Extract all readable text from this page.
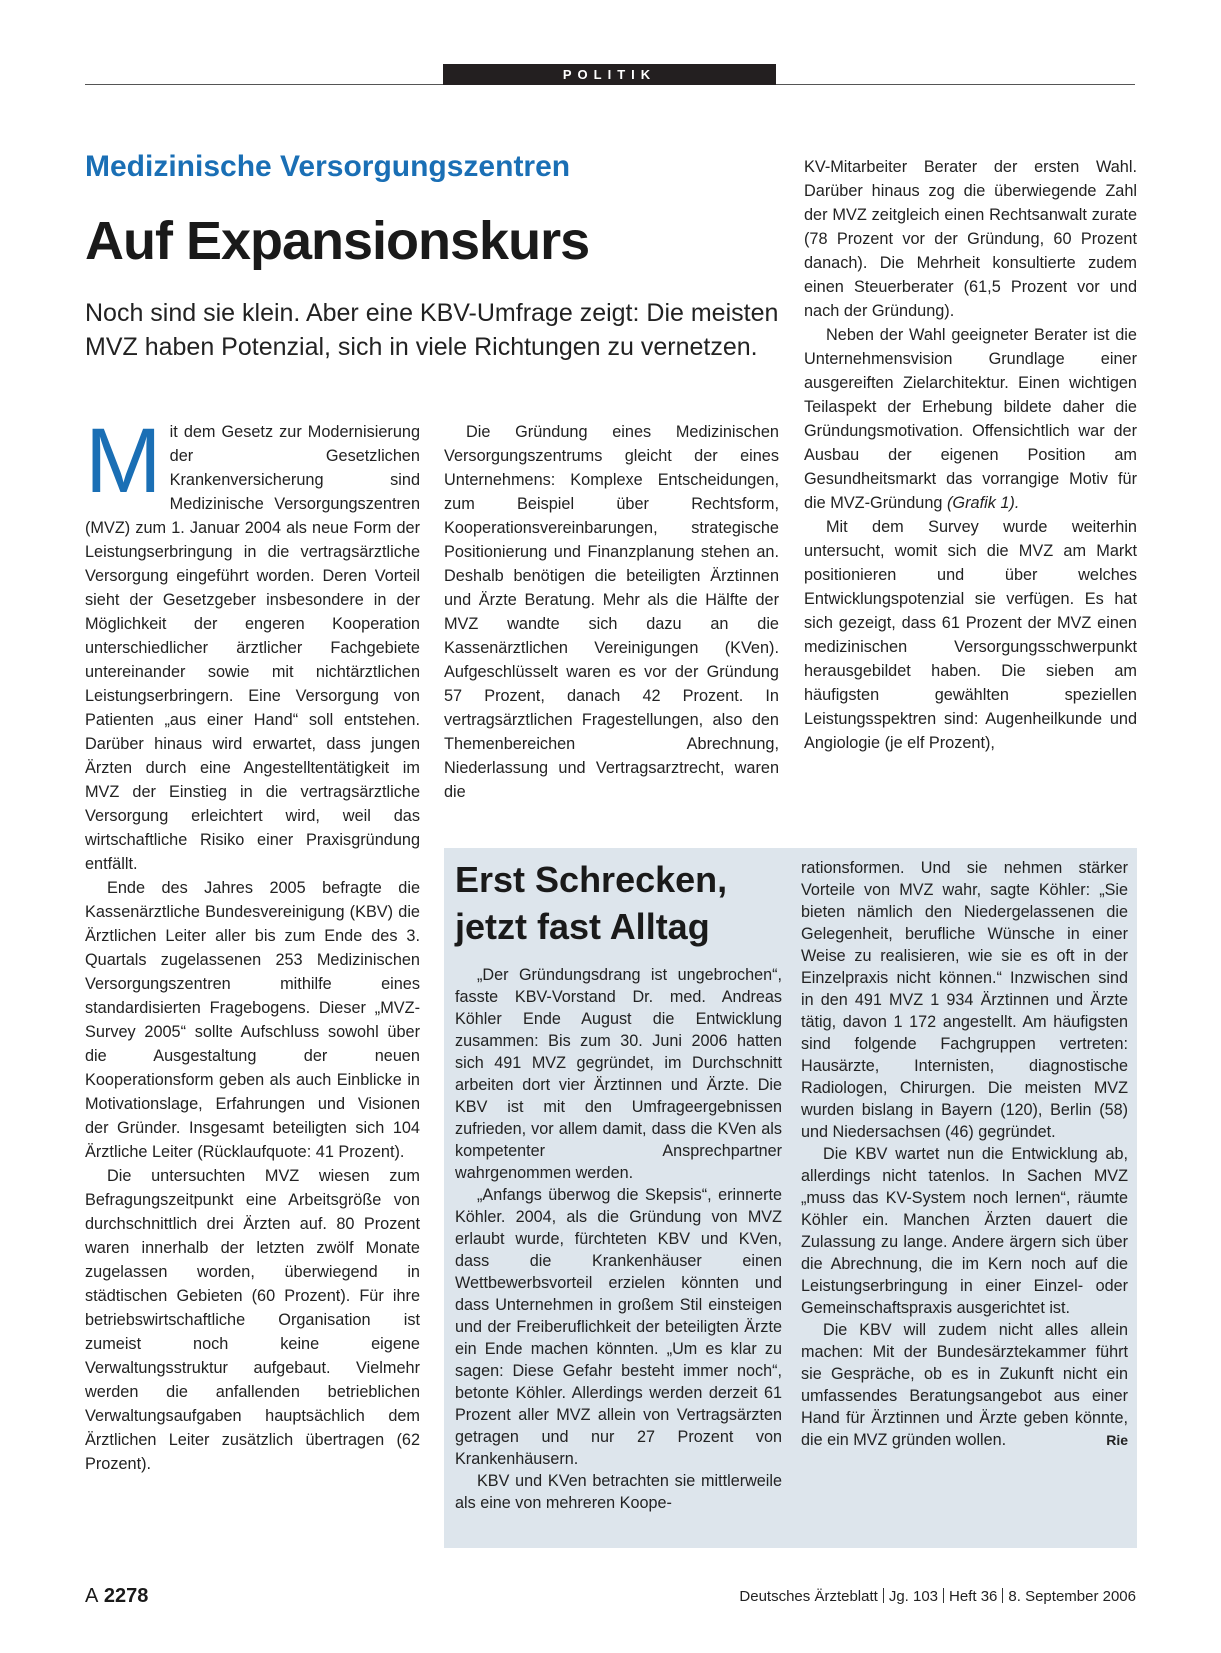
POLITIK
Medizinische Versorgungszentren
Auf Expansionskurs
Noch sind sie klein. Aber eine KBV-Umfrage zeigt: Die meisten MVZ haben Potenzial, sich in viele Richtungen zu vernetzen.

Mit dem Gesetz zur Modernisierung der Gesetzlichen Krankenversicherung sind Medizinische Versorgungszentren (MVZ) zum 1. Januar 2004 als neue Form der Leistungserbringung in die vertragsärztliche Versorgung eingeführt worden. Deren Vorteil sieht der Gesetzgeber insbesondere in der Möglichkeit der engeren Kooperation unterschiedlicher ärztlicher Fachgebiete untereinander sowie mit nichtärztlichen Leistungserbringern. Eine Versorgung von Patienten „aus einer Hand“ soll entstehen. Darüber hinaus wird erwartet, dass jungen Ärzten durch eine Angestelltentätigkeit im MVZ der Einstieg in die vertragsärztliche Versorgung erleichtert wird, weil das wirtschaftliche Risiko einer Praxisgründung entfällt.

Ende des Jahres 2005 befragte die Kassenärztliche Bundesvereinigung (KBV) die Ärztlichen Leiter aller bis zum Ende des 3. Quartals zugelassenen 253 Medizinischen Versorgungszentren mithilfe eines standardisierten Fragebogens. Dieser „MVZ-Survey 2005“ sollte Aufschluss sowohl über die Ausgestaltung der neuen Kooperationsform geben als auch Einblicke in Motivationslage, Erfahrungen und Visionen der Gründer. Insgesamt beteiligten sich 104 Ärztliche Leiter (Rücklaufquote: 41 Prozent).

Die untersuchten MVZ wiesen zum Befragungszeitpunkt eine Arbeitsgröße von durchschnittlich drei Ärzten auf. 80 Prozent waren innerhalb der letzten zwölf Monate zugelassen worden, überwiegend in städtischen Gebieten (60 Prozent). Für ihre betriebswirtschaftliche Organisation ist zumeist noch keine eigene Verwaltungsstruktur aufgebaut. Vielmehr werden die anfallenden betrieblichen Verwaltungsaufgaben hauptsächlich dem Ärztlichen Leiter zusätzlich übertragen (62 Prozent).

Die Gründung eines Medizinischen Versorgungszentrums gleicht der eines Unternehmens: Komplexe Entscheidungen, zum Beispiel über Rechtsform, Kooperationsvereinbarungen, strategische Positionierung und Finanzplanung stehen an. Deshalb benötigen die beteiligten Ärztinnen und Ärzte Beratung. Mehr als die Hälfte der MVZ wandte sich dazu an die Kassenärztlichen Vereinigungen (KVen). Aufgeschlüsselt waren es vor der Gründung 57 Prozent, danach 42 Prozent. In vertragsärztlichen Fragestellungen, also den Themenbereichen Abrechnung, Niederlassung und Vertragsarztrecht, waren die

KV-Mitarbeiter Berater der ersten Wahl. Darüber hinaus zog die überwiegende Zahl der MVZ zeitgleich einen Rechtsanwalt zurate (78 Prozent vor der Gründung, 60 Prozent danach). Die Mehrheit konsultierte zudem einen Steuerberater (61,5 Prozent vor und nach der Gründung).

Neben der Wahl geeigneter Berater ist die Unternehmensvision Grundlage einer ausgereiften Zielarchitektur. Einen wichtigen Teilaspekt der Erhebung bildete daher die Gründungsmotivation. Offensichtlich war der Ausbau der eigenen Position am Gesundheitsmarkt das vorrangige Motiv für die MVZ-Gründung (Grafik 1).

Mit dem Survey wurde weiterhin untersucht, womit sich die MVZ am Markt positionieren und über welches Entwicklungspotenzial sie verfügen. Es hat sich gezeigt, dass 61 Prozent der MVZ einen medizinischen Versorgungsschwerpunkt herausgebildet haben. Die sieben am häufigsten gewählten speziellen Leistungsspektren sind: Augenheilkunde und Angiologie (je elf Prozent),

Erst Schrecken, jetzt fast Alltag

„Der Gründungsdrang ist ungebrochen“, fasste KBV-Vorstand Dr. med. Andreas Köhler Ende August die Entwicklung zusammen: Bis zum 30. Juni 2006 hatten sich 491 MVZ gegründet, im Durchschnitt arbeiten dort vier Ärztinnen und Ärzte. Die KBV ist mit den Umfrageergebnissen zufrieden, vor allem damit, dass die KVen als kompetenter Ansprechpartner wahrgenommen werden.

„Anfangs überwog die Skepsis“, erinnerte Köhler. 2004, als die Gründung von MVZ erlaubt wurde, fürchteten KBV und KVen, dass die Krankenhäuser einen Wettbewerbsvorteil erzielen könnten und dass Unternehmen in großem Stil einsteigen und der Freiberuflichkeit der beteiligten Ärzte ein Ende machen könnten. „Um es klar zu sagen: Diese Gefahr besteht immer noch“, betonte Köhler. Allerdings werden derzeit 61 Prozent aller MVZ allein von Vertragsärzten getragen und nur 27 Prozent von Krankenhäusern.

KBV und KVen betrachten sie mittlerweile als eine von mehreren Koope-

rationsformen. Und sie nehmen stärker Vorteile von MVZ wahr, sagte Köhler: „Sie bieten nämlich den Niedergelassenen die Gelegenheit, berufliche Wünsche in einer Weise zu realisieren, wie sie es oft in der Einzelpraxis nicht können.“ Inzwischen sind in den 491 MVZ 1 934 Ärztinnen und Ärzte tätig, davon 1 172 angestellt. Am häufigsten sind folgende Fachgruppen vertreten: Hausärzte, Internisten, diagnostische Radiologen, Chirurgen. Die meisten MVZ wurden bislang in Bayern (120), Berlin (58) und Niedersachsen (46) gegründet.

Die KBV wartet nun die Entwicklung ab, allerdings nicht tatenlos. In Sachen MVZ „muss das KV-System noch lernen“, räumte Köhler ein. Manchen Ärzten dauert die Zulassung zu lange. Andere ärgern sich über die Abrechnung, die im Kern noch auf die Leistungserbringung in einer Einzel- oder Gemeinschaftspraxis ausgerichtet ist.

Die KBV will zudem nicht alles allein machen: Mit der Bundesärztekammer führt sie Gespräche, ob es in Zukunft nicht ein umfassendes Beratungsangebot aus einer Hand für Ärztinnen und Ärzte geben könnte, die ein MVZ gründen wollen.	Rie

A 2278	Deutsches Ärzteblatt Jg. 103 Heft 36 8. September 2006
